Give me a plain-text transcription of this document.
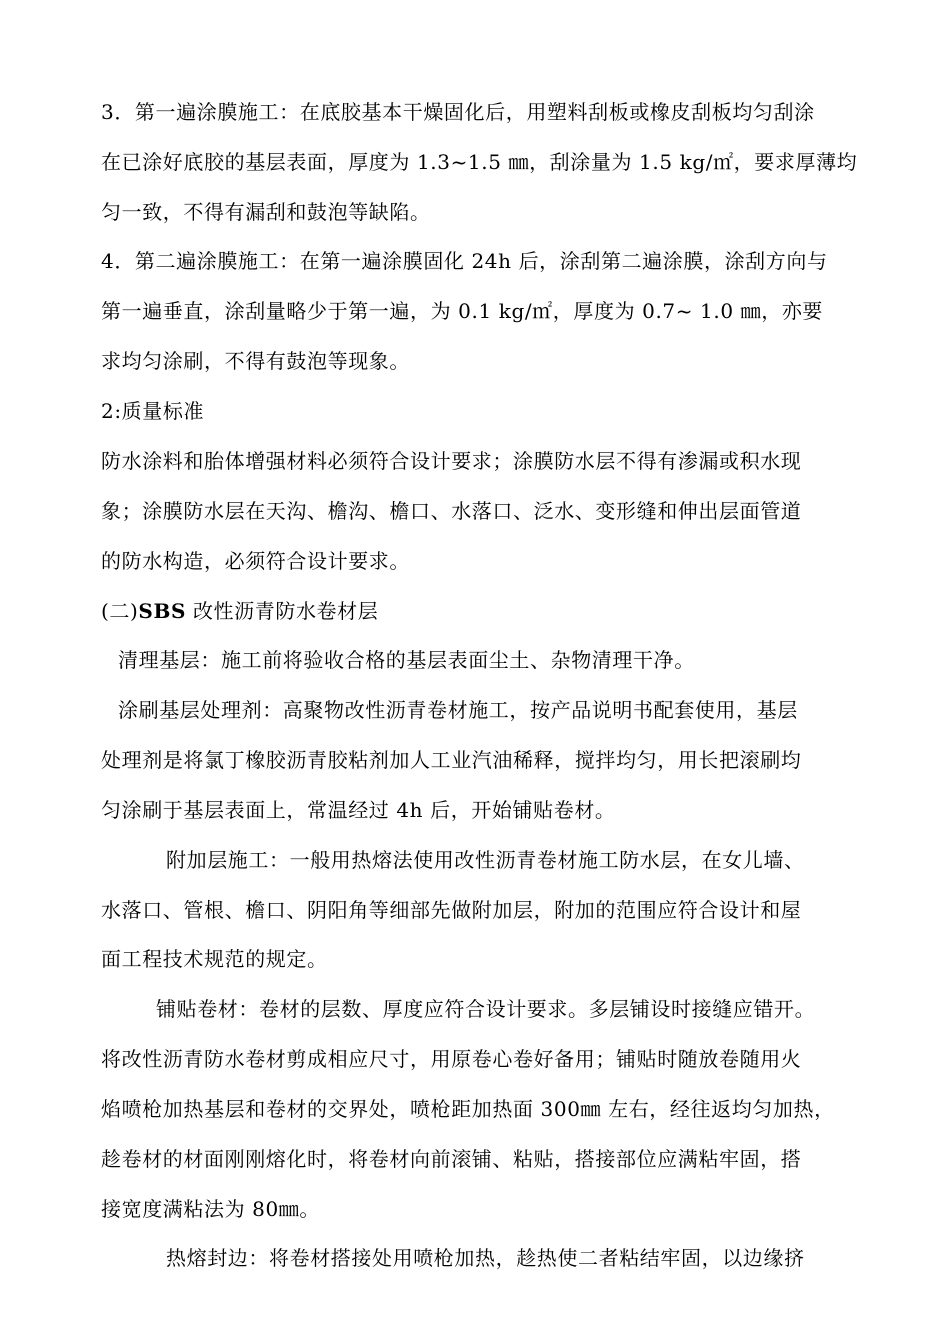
3．第一遍涂膜施工：在底胶基本干燥固化后，用塑料刮板或橡皮刮板均匀刮涂
在已涂好底胶的基层表面，厚度为 1.3~1.5 ㎜，刮涂量为 1.5 kg/㎡，要求厚薄均
匀一致，不得有漏刮和鼓泡等缺陷。
4．第二遍涂膜施工：在第一遍涂膜固化 24h 后，涂刮第二遍涂膜，涂刮方向与
第一遍垂直，涂刮量略少于第一遍，为 0.1 kg/㎡，厚度为 0.7~ 1.0 ㎜，亦要
求均匀涂刷，不得有鼓泡等现象。
2:质量标准
防水涂料和胎体增强材料必须符合设计要求；涂膜防水层不得有渗漏或积水现
象；涂膜防水层在天沟、檐沟、檐口、水落口、泛水、变形缝和伸出层面管道
的防水构造，必须符合设计要求。
(二)SBS 改性沥青防水卷材层
清理基层：施工前将验收合格的基层表面尘土、杂物清理干净。
涂刷基层处理剂：高聚物改性沥青卷材施工，按产品说明书配套使用，基层
处理剂是将氯丁橡胶沥青胶粘剂加人工业汽油稀释，搅拌均匀，用长把滚刷均
匀涂刷于基层表面上，常温经过 4h 后，开始铺贴卷材。
附加层施工：一般用热熔法使用改性沥青卷材施工防水层，在女儿墙、
水落口、管根、檐口、阴阳角等细部先做附加层，附加的范围应符合设计和屋
面工程技术规范的规定。
铺贴卷材：卷材的层数、厚度应符合设计要求。多层铺设时接缝应错开。
将改性沥青防水卷材剪成相应尺寸，用原卷心卷好备用；铺贴时随放卷随用火
焰喷枪加热基层和卷材的交界处，喷枪距加热面 300㎜ 左右，经往返均匀加热，
趁卷材的材面刚刚熔化时，将卷材向前滚铺、粘贴，搭接部位应满粘牢固，搭
接宽度满粘法为 80㎜。
热熔封边：将卷材搭接处用喷枪加热，趁热使二者粘结牢固，以边缘挤
